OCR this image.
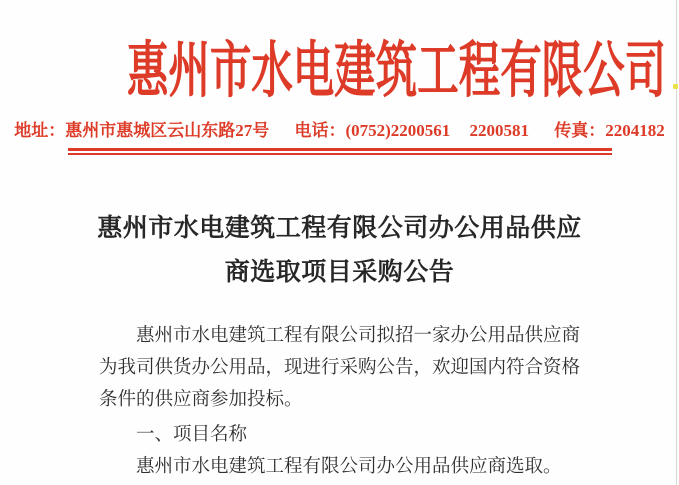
惠州市水电建筑工程有限公司
地址：惠州市惠城区云山东路27号 电话：(0752)2200561 2200581 传真：2204182
惠州市水电建筑工程有限公司办公用品供应
商选取项目采购公告

惠州市水电建筑工程有限公司拟招一家办公用品供应商为我司供货办公用品，现进行采购公告，欢迎国内符合资格条件的供应商参加投标。

一、项目名称

惠州市水电建筑工程有限公司办公用品供应商选取。
